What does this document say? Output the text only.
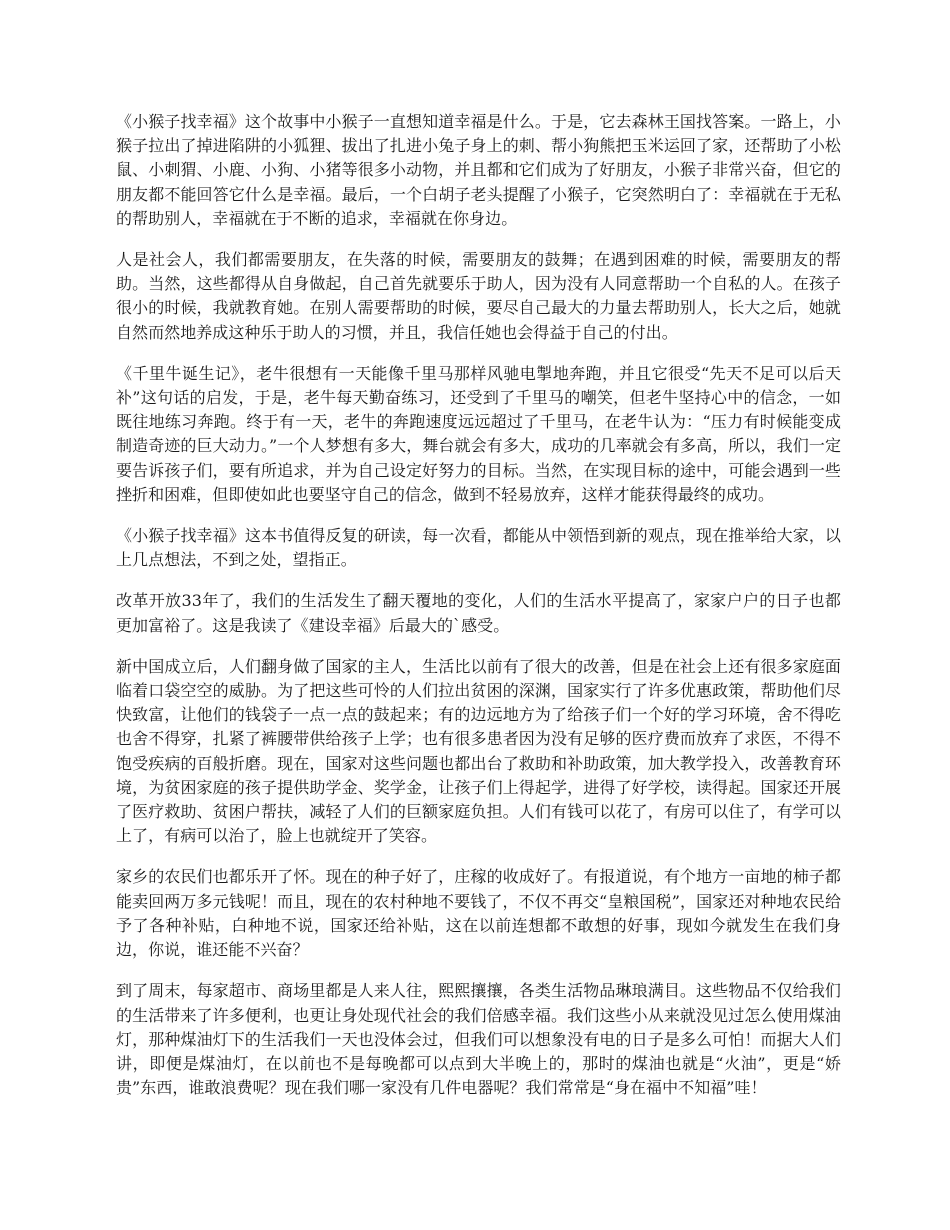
《小猴子找幸福》这个故事中小猴子一直想知道幸福是什么。于是，它去森林王国找答案。一路上，小猴子拉出了掉进陷阱的小狐狸、拔出了扎进小兔子身上的刺、帮小狗熊把玉米运回了家，还帮助了小松鼠、小刺猬、小鹿、小狗、小猪等很多小动物，并且都和它们成为了好朋友，小猴子非常兴奋，但它的朋友都不能回答它什么是幸福。最后，一个白胡子老头提醒了小猴子，它突然明白了：幸福就在于无私的帮助别人，幸福就在于不断的追求，幸福就在你身边。

人是社会人，我们都需要朋友，在失落的时候，需要朋友的鼓舞；在遇到困难的时候，需要朋友的帮助。当然，这些都得从自身做起，自己首先就要乐于助人，因为没有人同意帮助一个自私的人。在孩子很小的时候，我就教育她。在别人需要帮助的时候，要尽自己最大的力量去帮助别人，长大之后，她就自然而然地养成这种乐于助人的习惯，并且，我信任她也会得益于自己的付出。

《千里牛诞生记》，老牛很想有一天能像千里马那样风驰电掣地奔跑，并且它很受“先天不足可以后天补”这句话的启发，于是，老牛每天勤奋练习，还受到了千里马的嘲笑，但老牛坚持心中的信念，一如既往地练习奔跑。终于有一天，老牛的奔跑速度远远超过了千里马，在老牛认为：“压力有时候能变成制造奇迹的巨大动力。”一个人梦想有多大，舞台就会有多大，成功的几率就会有多高，所以，我们一定要告诉孩子们，要有所追求，并为自己设定好努力的目标。当然，在实现目标的途中，可能会遇到一些挫折和困难，但即使如此也要坚守自己的信念，做到不轻易放弃，这样才能获得最终的成功。

《小猴子找幸福》这本书值得反复的研读，每一次看，都能从中领悟到新的观点，现在推举给大家，以上几点想法，不到之处，望指正。

改革开放33年了，我们的生活发生了翻天覆地的变化，人们的生活水平提高了，家家户户的日子也都更加富裕了。这是我读了《建设幸福》后最大的`感受。

新中国成立后，人们翻身做了国家的主人，生活比以前有了很大的改善，但是在社会上还有很多家庭面临着口袋空空的威胁。为了把这些可怜的人们拉出贫困的深渊，国家实行了许多优惠政策，帮助他们尽快致富，让他们的钱袋子一点一点的鼓起来；有的边远地方为了给孩子们一个好的学习环境，舍不得吃也舍不得穿，扎紧了裤腰带供给孩子上学；也有很多患者因为没有足够的医疗费而放弃了求医，不得不饱受疾病的百般折磨。现在，国家对这些问题也都出台了救助和补助政策，加大教学投入，改善教育环境，为贫困家庭的孩子提供助学金、奖学金，让孩子们上得起学，进得了好学校，读得起。国家还开展了医疗救助、贫困户帮扶，减轻了人们的巨额家庭负担。人们有钱可以花了，有房可以住了，有学可以上了，有病可以治了，脸上也就绽开了笑容。

家乡的农民们也都乐开了怀。现在的种子好了，庄稼的收成好了。有报道说，有个地方一亩地的柿子都能卖回两万多元钱呢！而且，现在的农村种地不要钱了，不仅不再交“皇粮国税”，国家还对种地农民给予了各种补贴，白种地不说，国家还给补贴，这在以前连想都不敢想的好事，现如今就发生在我们身边，你说，谁还能不兴奋？

到了周末，每家超市、商场里都是人来人往，熙熙攘攘，各类生活物品琳琅满目。这些物品不仅给我们的生活带来了许多便利，也更让身处现代社会的我们倍感幸福。我们这些小从来就没见过怎么使用煤油灯，那种煤油灯下的生活我们一天也没体会过，但我们可以想象没有电的日子是多么可怕！而据大人们讲，即便是煤油灯，在以前也不是每晚都可以点到大半晚上的，那时的煤油也就是“火油”，更是“娇贵”东西，谁敢浪费呢？现在我们哪一家没有几件电器呢？我们常常是“身在福中不知福”哇！
